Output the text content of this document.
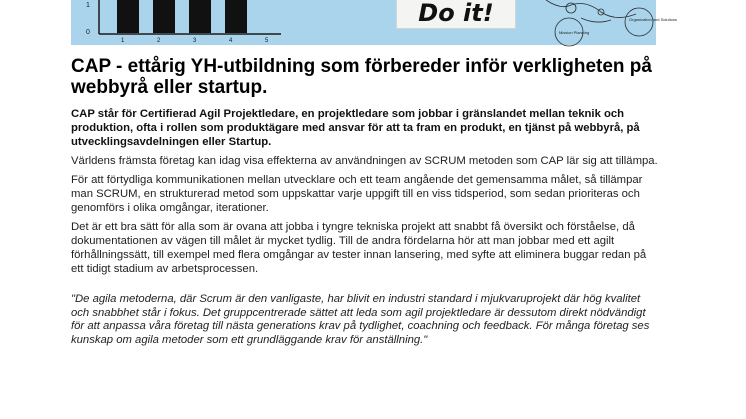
1
0
1	2	3	4	5
Do it!	Organization and Solutions
Mission Planning
CAP - ettårig YH-utbildning som förbereder inför verkligheten på webbyrå eller startup.

CAP står för Certifierad Agil Projektledare, en projektledare som jobbar i gränslandet mellan teknik och produktion, ofta i rollen som produktägare med ansvar för att ta fram en produkt, en tjänst på webbyrå, på utvecklingsavdelningen eller Startup.

Världens främsta företag kan idag visa effekterna av användningen av SCRUM metoden som CAP lär sig att tillämpa.

För att förtydliga kommunikationen mellan utvecklare och ett team angående det gemensamma målet, så tillämpar man SCRUM, en strukturerad metod som uppskattar varje uppgift till en viss tidsperiod, som sedan prioriteras och genomförs i olika omgångar, iterationer.

Det är ett bra sätt för alla som är ovana att jobba i tyngre tekniska projekt att snabbt få översikt och förståelse, då dokumentationen av vägen till målet är mycket tydlig. Till de andra fördelarna hör att man jobbar med ett agilt förhållningssätt, till exempel med flera omgångar av tester innan lansering, med syfte att eliminera buggar redan på ett tidigt stadium av arbetsprocessen.

"De agila metoderna, där Scrum är den vanligaste, har blivit en industri standard i mjukvaruprojekt där hög kvalitet och snabbhet står i fokus. Det gruppcentrerade sättet att leda som agil projektledare är dessutom direkt nödvändigt för att anpassa våra företag till nästa generations krav på tydlighet, coachning och feedback. För många företag ses kunskap om agila metoder som ett grundläggande krav för anställning."
